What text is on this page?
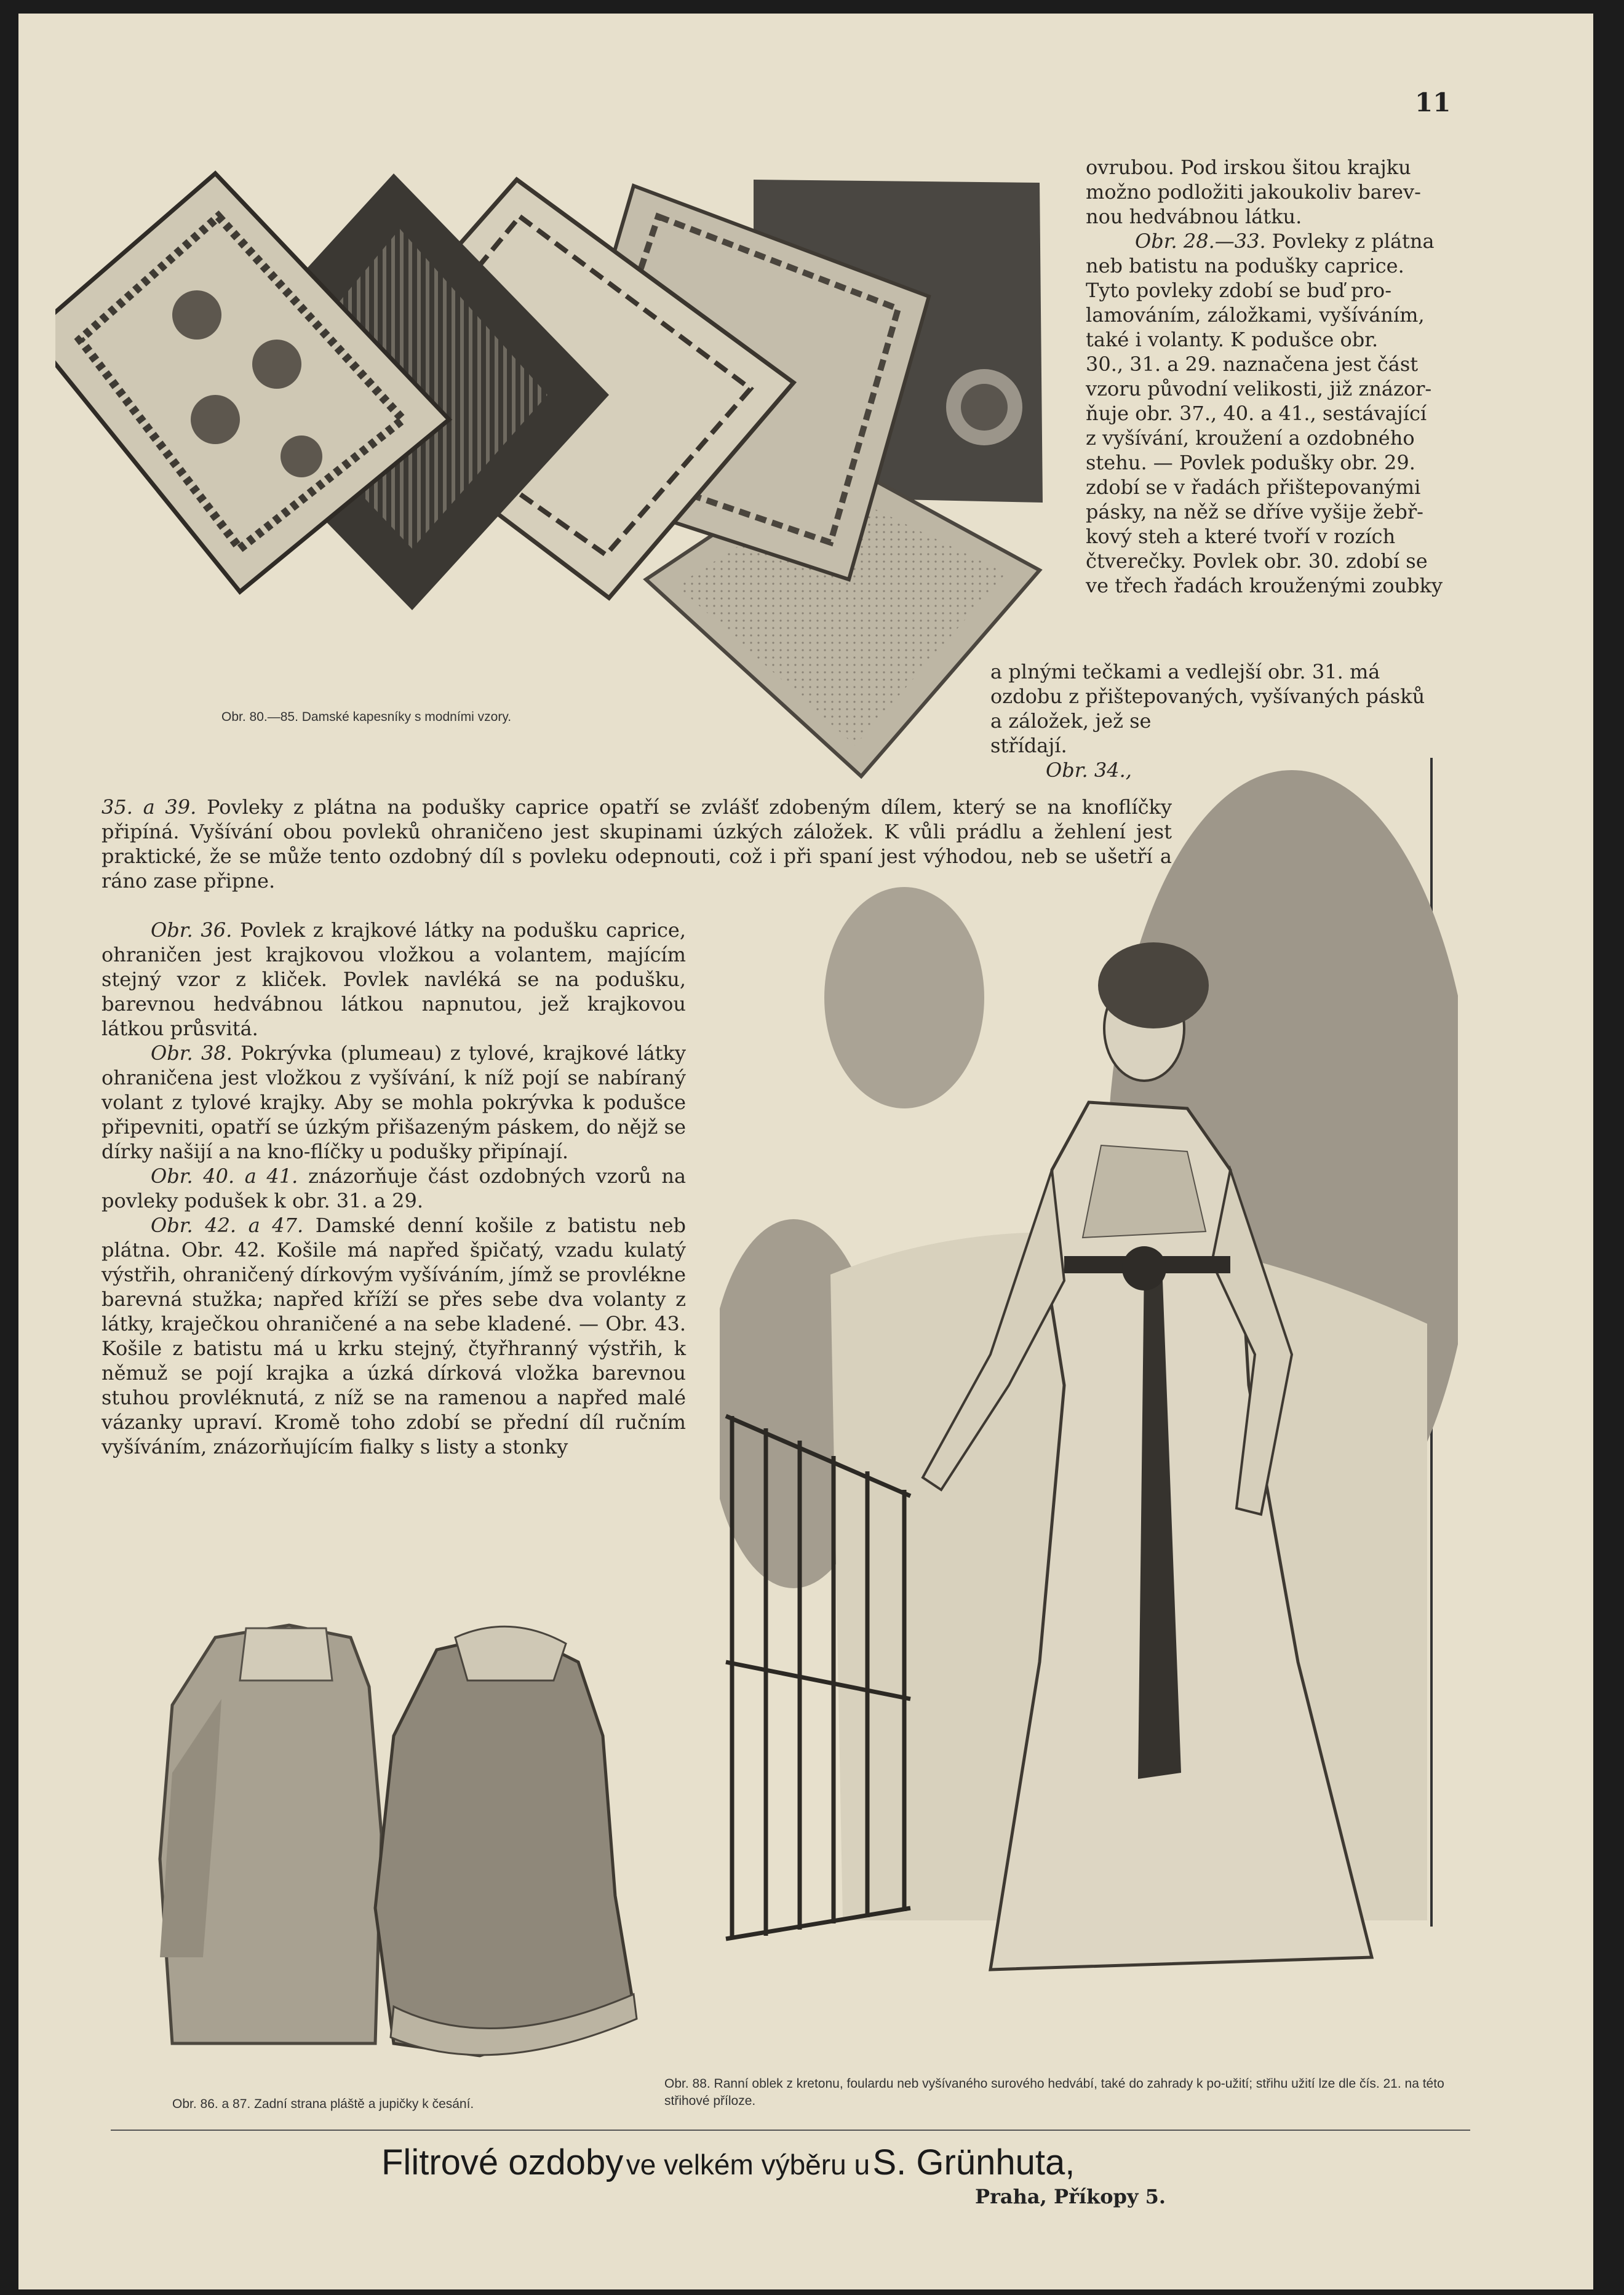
11
Obr. 80.—85. Damské kapesníky s modními vzory.

ovrubou. Pod irskou šitou krajku

možno podložiti jakoukoliv barev-

nou hedvábnou látku.

Obr. 28.—33. Povleky z plátna

neb batistu na podušky caprice.

Tyto povleky zdobí se buď pro-

lamováním, záložkami, vyšíváním,

také i volanty. K podušce obr.

30., 31. a 29. naznačena jest část

vzoru původní velikosti, již znázor-

ňuje obr. 37., 40. a 41., sestávající

z vyšívání, kroužení a ozdobného

stehu. — Povlek podušky obr. 29.

zdobí se v řadách přištepovanými

pásky, na něž se dříve vyšije žebř-

kový steh a které tvoří v rozích

čtverečky. Povlek obr. 30. zdobí se

ve třech řadách krouženými zoubky

a plnými tečkami a vedlejší obr. 31. má

ozdobu z přištepovaných, vyšívaných pásků

a záložek, jež se

střídají.

Obr. 34.,

35. a 39. Povleky z plátna na podušky caprice opatří se zvlášť zdobeným dílem, který se na knoflíčky připíná. Vyšívání obou povleků ohraničeno jest skupinami úzkých záložek. K vůli prádlu a žehlení jest praktické, že se může tento ozdobný díl s povleku odepnouti, což i při spaní jest výhodou, neb se ušetří a ráno zase připne.

Obr. 36. Povlek z krajkové látky na podušku caprice, ohraničen jest krajkovou vložkou a volantem, majícím stejný vzor z kliček. Povlek navléká se na podušku, barevnou hedvábnou látkou napnutou, jež krajkovou látkou průsvitá.

Obr. 38. Pokrývka (plumeau) z tylové, krajkové látky ohraničena jest vložkou z vyšívání, k níž pojí se nabíraný volant z tylové krajky. Aby se mohla pokrývka k podušce připevniti, opatří se úzkým přišazeným páskem, do nějž se dírky našijí a na kno-flíčky u podušky připínají.

Obr. 40. a 41. znázorňuje část ozdobných vzorů na povleky podušek k obr. 31. a 29.

Obr. 42. a 47. Damské denní košile z batistu neb plátna. Obr. 42. Košile má napřed špičatý, vzadu kulatý výstřih, ohraničený dírkovým vyšíváním, jímž se provlékne barevná stužka; napřed kříží se přes sebe dva volanty z látky, kraječkou ohraničené a na sebe kladené. — Obr. 43. Košile z batistu má u krku stejný, čtyřhranný výstřih, k němuž se pojí krajka a úzká dírková vložka barevnou stuhou provléknutá, z níž se na ramenou a napřed malé vázanky upraví. Kromě toho zdobí se přední díl ručním vyšíváním, znázorňujícím fialky s listy a stonky

Obr. 86. a 87. Zadní strana pláště a jupičky k česání.
Obr. 88. Ranní oblek z kretonu, foulardu neb vyšívaného surového hedvábí, také do zahrady k po-užití; střihu užití lze dle čís. 21. na této střihové příloze.
Flitrové ozdoby ve velkém výběru u S. Grünhuta,
Praha, Příkopy 5.
